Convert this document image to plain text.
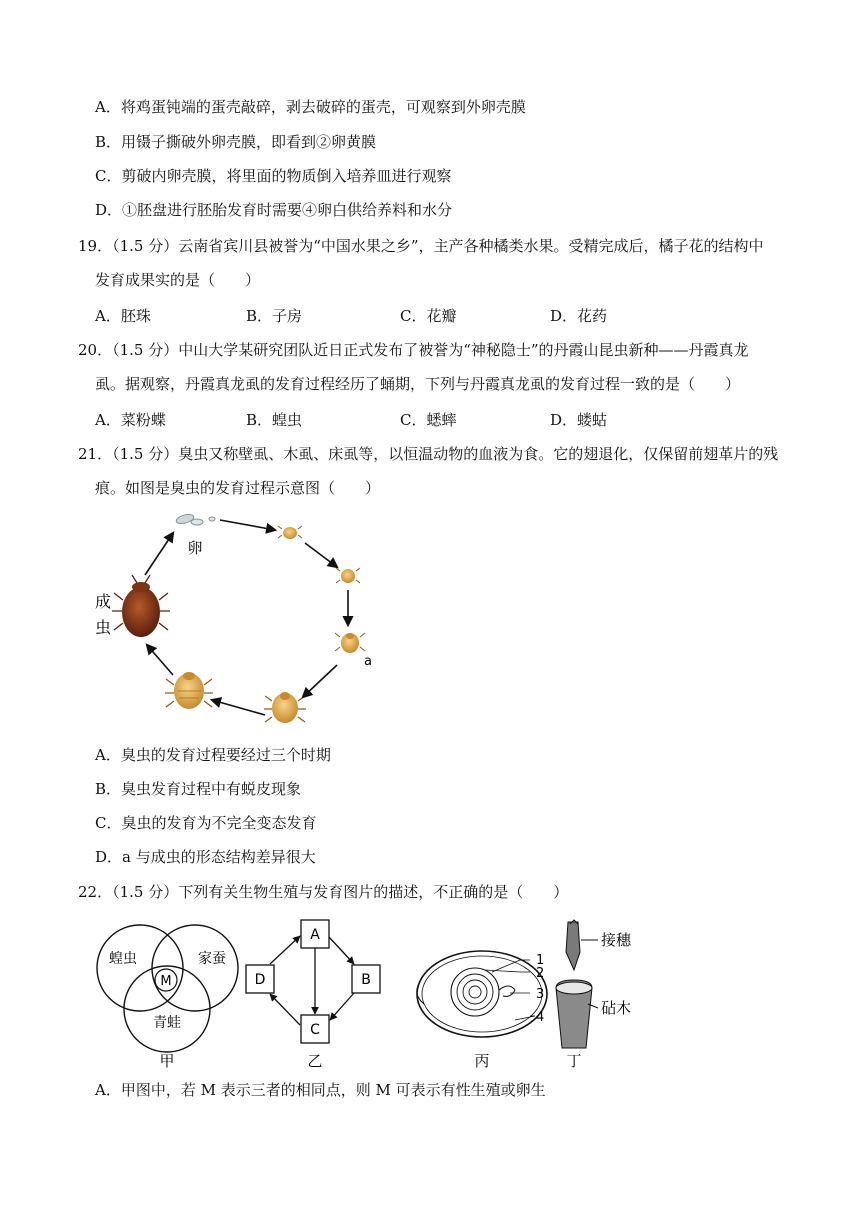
A．将鸡蛋钝端的蛋壳敲碎，剥去破碎的蛋壳，可观察到外卵壳膜
B．用镊子撕破外卵壳膜，即看到②卵黄膜
C．剪破内卵壳膜，将里面的物质倒入培养皿进行观察
D．①胚盘进行胚胎发育时需要④卵白供给养料和水分
19．（1.5 分）云南省宾川县被誉为“中国水果之乡”，主产各种橘类水果。受精完成后，橘子花的结构中
发育成果实的是（　　）
A．胚珠	B．子房	C．花瓣	D．花药
20．（1.5 分）中山大学某研究团队近日正式发布了被誉为“神秘隐士”的丹霞山昆虫新种——丹霞真龙
虱。据观察，丹霞真龙虱的发育过程经历了蛹期，下列与丹霞真龙虱的发育过程一致的是（　　）
A．菜粉蝶	B．蝗虫	C．蟋蟀	D．蝼蛄
21．（1.5 分）臭虫又称壁虱、木虱、床虱等，以恒温动物的血液为食。它的翅退化，仅保留前翅革片的残
痕。如图是臭虫的发育过程示意图（　　）
卵
a
成
虫
A．臭虫的发育过程要经过三个时期
B．臭虫发育过程中有蜕皮现象
C．臭虫的发育为不完全变态发育
D．a 与成虫的形态结构差异很大
22．（1.5 分）下列有关生物生殖与发育图片的描述，不正确的是（　　）
蝗虫	家蚕
青蛙
M
甲
A
B
C
D
乙
1
2
3
4
丙
接穗
砧木
丁
A．甲图中，若 M 表示三者的相同点，则 M 可表示有性生殖或卵生
